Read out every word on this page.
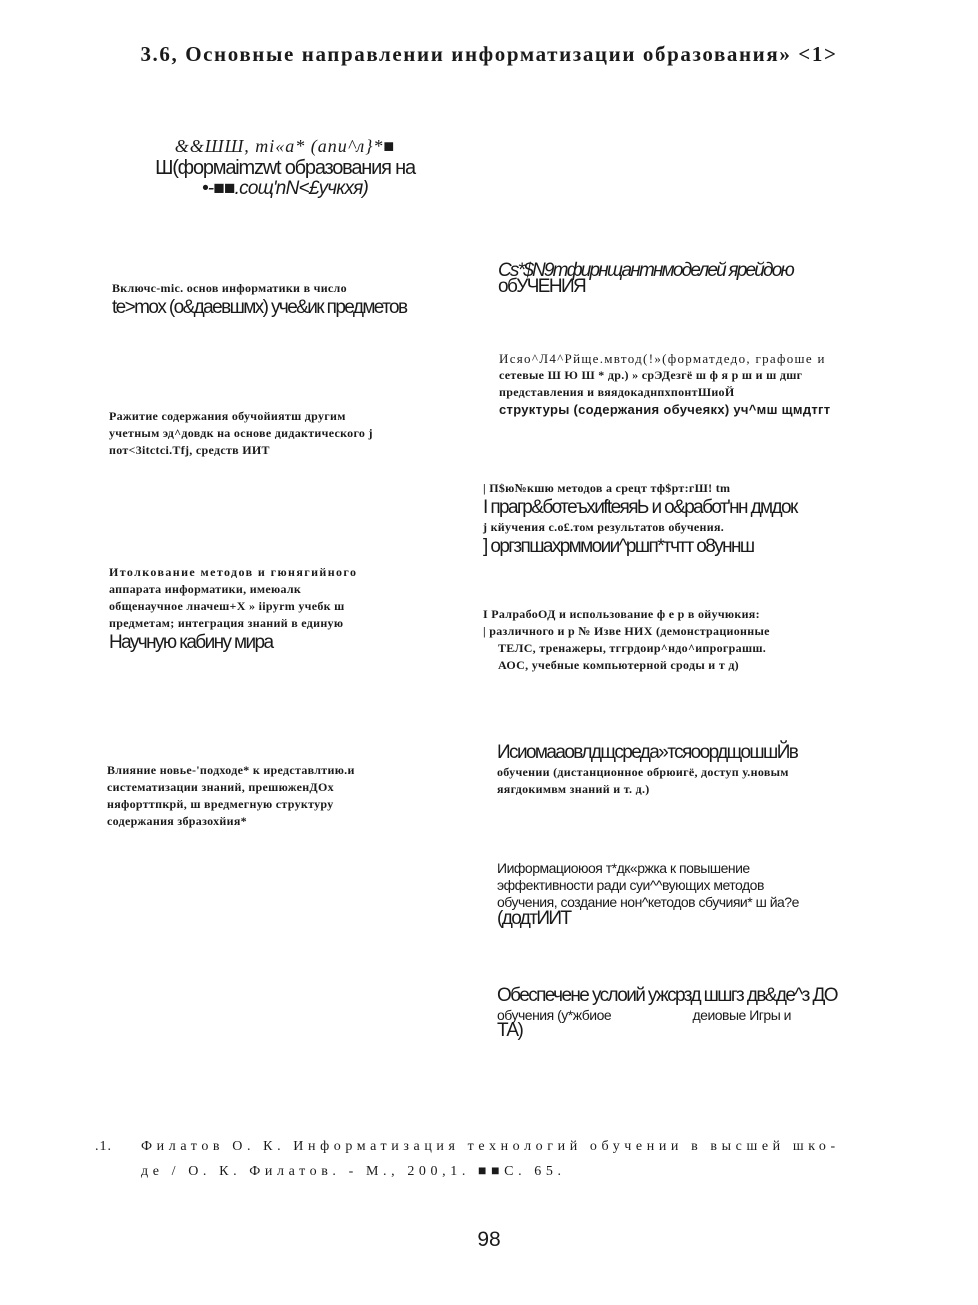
3.6, Основные направлении информатизации образования» <1>
&&ШШ, mi«а* (апи^л}*■
Ш(формаimzwt образования на
•-■■.coщ'nN<£учкхя)
Включс-mic. основ информатики в число
te>mox (о&даевшмх) уче&ик предметов
Ражитие содержания обучойиятш другим
учетным эд^довдк на основе дидактического j
пот<3itctci.Tfj, средств ИИТ
Итолкование методов и гюнягийного
аппарата информатики, имеюалк
общенаучное лначеш+Х » iipyrm учебк ш
предметам; интеграция знаний в единую
Научную кабину мира
Влияние новье-'подходе* к иредставлтию.и
систематизации знаний, прешюженДОх
няфорттпкрй, ш вредмегную структуру
содержания збразохйия*
Cs*$N9mфирнщантнмоделей ярейдою
обУЧЕНИЯ
Исяо^Л4^Рйще.мвтод(!»(форматдедо, графоше и
сетевые Ш Ю Ш * др.) » срЭДезгё ш ф я р ш и ш дшг
представления и вяядокаднпхпонтШиоЙ
структуры (содержания обучеякх) уч^мш щмдтгт
| П$ю№кшю методов а срецт тф$рт:гШ! tm
I прагр&ботеъхиfteяяЬ и о&работ'нн дмдок
j кйучения с.о£.том результатов обучения.
] оргзпшахрммоии^ршп*тчтт о8уннш
I РалрабоОД и использование ф е р в ойучюкия:
| различного и р № Изве НИХ (демонстрационные
ТЕЛС, тренажеры, тггрдоир^ндо^ипрограшш.
АОС, учебные компьютерной сроды и т д)
Исиомааовлдщсреда»тсяоордщошшЙв
обучении (дистанционное обрюигё, доступ у.новым
яягдокимвм знаний и т. д.)
Ииформациоюоя т*дк«ржка к повышение
эффективности ради суи^^вующих методов
обучения, создание нон^кетодов сбучияи* ш йа?е
(додтИИТ
Обеспечене услоий ужсрзд шшгз дв&де^з ДО
обучения (у*жбиое                        деиовые Игры и
ТА)
.1. Филатов О. К. Информатизация технологий обучении в высшей шко-
де / О. К. Филатов. - М., 200,1. ■■С. 65.
98
